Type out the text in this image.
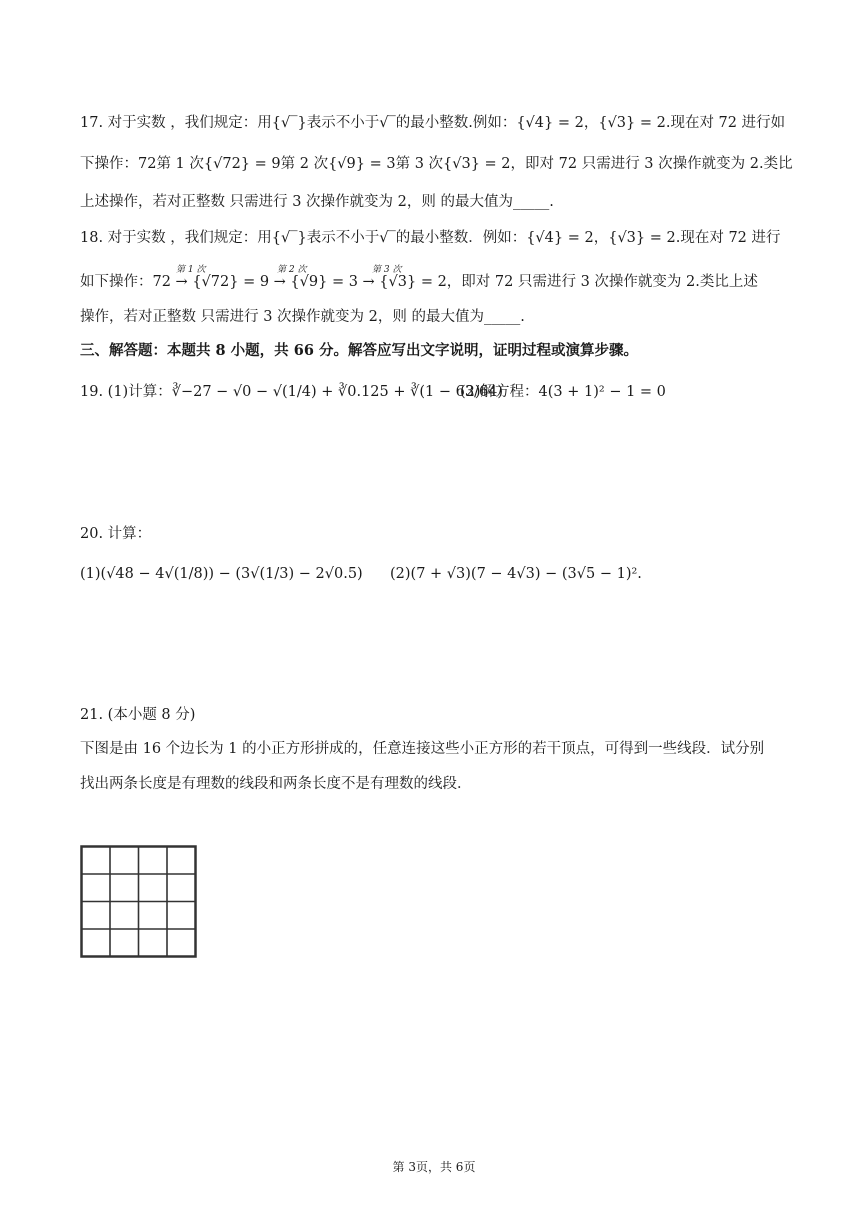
17. 对于实数 ，我们规定：用{√‾}表示不小于√‾的最小整数.例如：{√4} = 2，{√3} = 2.现在对 72 进行如
下操作：72第 1 次{√72} = 9第 2 次{√9} = 3第 3 次{√3} = 2，即对 72 只需进行 3 次操作就变为 2.类比
上述操作，若对正整数 只需进行 3 次操作就变为 2，则 的最大值为_____.
18. 对于实数 ，我们规定：用{√‾}表示不小于√‾的最小整数．例如：{√4} = 2，{√3} = 2.现在对 72 进行
第 1 次	第 2 次	第 3 次
如下操作：72 → {√72} = 9 → {√9} = 3 → {√3} = 2，即对 72 只需进行 3 次操作就变为 2.类比上述
操作，若对正整数 只需进行 3 次操作就变为 2，则 的最大值为_____.
三、解答题：本题共 8 小题，共 66 分。解答应写出文字说明，证明过程或演算步骤。
19. (1)计算：∛−27 − √0 − √(1/4) + ∛0.125 + ∛(1 − 63/64)
(2)解方程：4(3 + 1)² − 1 = 0
20. 计算：
(1)(√48 − 4√(1/8)) − (3√(1/3) − 2√0.5) (2)(7 + √3)(7 − 4√3) − (3√5 − 1)².
21. (本小题 8 分)
下图是由 16 个边长为 1 的小正方形拼成的，任意连接这些小正方形的若干顶点，可得到一些线段．试分别
找出两条长度是有理数的线段和两条长度不是有理数的线段．
第 3页，共 6页
